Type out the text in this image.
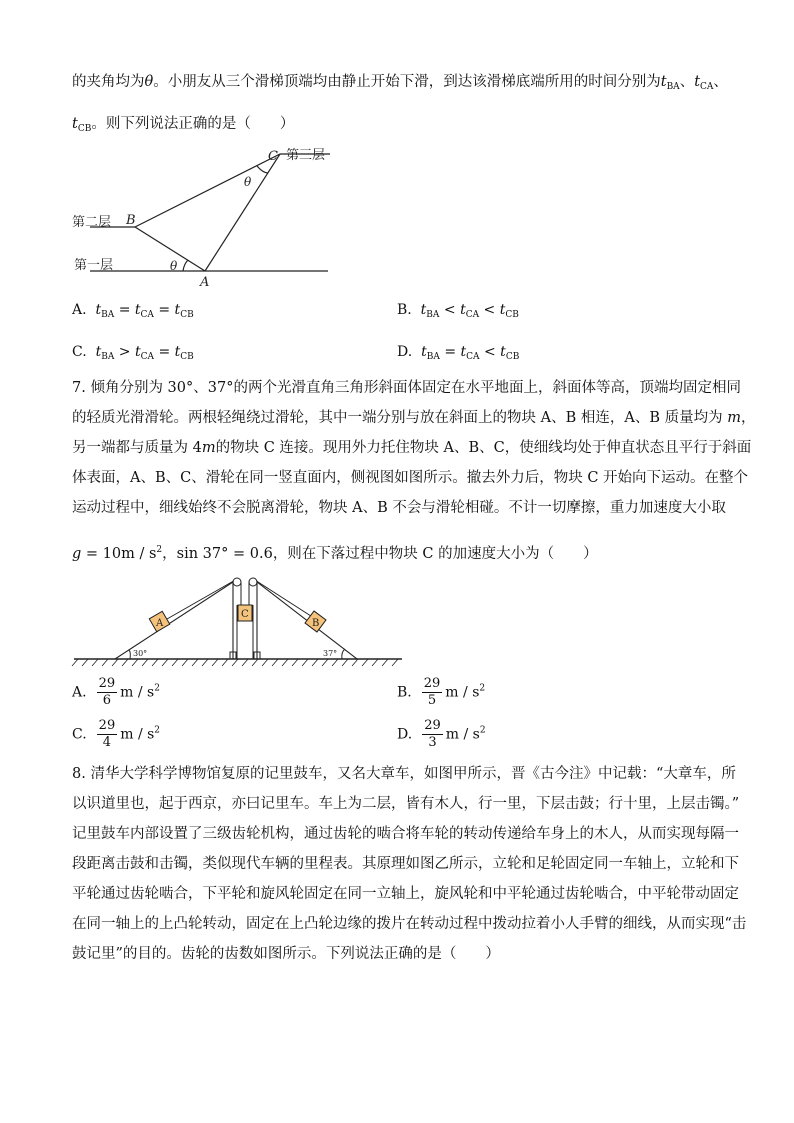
的夹角均为θ。小朋友从三个滑梯顶端均由静止开始下滑，到达该滑梯底端所用的时间分别为$t_{BA}$、$t_{CA}$、
$t_{CB}$。则下列说法正确的是（　　）
第三层
第二层
第一层
C
B
A
θ
θ
A. $t_{BA} = t_{CA} = t_{CB}$	B. $t_{BA} < t_{CA} < t_{CB}$
C. $t_{BA} > t_{CA} = t_{CB}$	D. $t_{BA} = t_{CA} < t_{CB}$
7. 倾角分别为 30°、37°的两个光滑直角三角形斜面体固定在水平地面上，斜面体等高，顶端均固定相同
的轻质光滑滑轮。两根轻绳绕过滑轮，其中一端分别与放在斜面上的物块 A、B 相连，A、B 质量均为 m，
另一端都与质量为 4m的物块 C 连接。现用外力托住物块 A、B、C，使细线均处于伸直状态且平行于斜面
体表面，A、B、C、滑轮在同一竖直面内，侧视图如图所示。撤去外力后，物块 C 开始向下运动。在整个
运动过程中，细线始终不会脱离滑轮，物块 A、B 不会与滑轮相碰。不计一切摩擦，重力加速度大小取
$g = 10m / s^2$，sin 37° = 0.6，则在下落过程中物块 C 的加速度大小为（　　）
A
C
B
30°	37°
A. $\frac{29}{6}$ m / $s^2$	B. $\frac{29}{5}$ m / $s^2$
C. $\frac{29}{4}$ m / $s^2$	D. $\frac{29}{3}$ m / $s^2$
8. 清华大学科学博物馆复原的记里鼓车，又名大章车，如图甲所示，晋《古今注》中记载：“大章车，所
以识道里也，起于西京，亦曰记里车。车上为二层，皆有木人，行一里，下层击鼓；行十里，上层击镯。”
记里鼓车内部设置了三级齿轮机构，通过齿轮的啮合将车轮的转动传递给车身上的木人，从而实现每隔一
段距离击鼓和击镯，类似现代车辆的里程表。其原理如图乙所示，立轮和足轮固定同一车轴上，立轮和下
平轮通过齿轮啮合，下平轮和旋风轮固定在同一立轴上，旋风轮和中平轮通过齿轮啮合，中平轮带动固定
在同一轴上的上凸轮转动，固定在上凸轮边缘的拨片在转动过程中拨动拉着小人手臂的细线，从而实现“击
鼓记里”的目的。齿轮的齿数如图所示。下列说法正确的是（　　）
